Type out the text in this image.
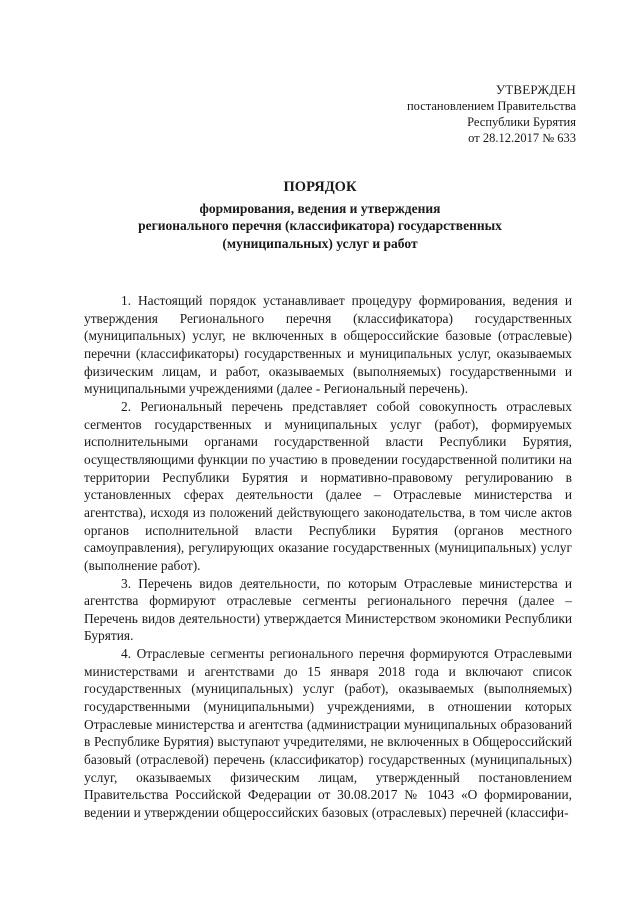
УТВЕРЖДЕН
постановлением Правительства
Республики Бурятия
от 28.12.2017 № 633
ПОРЯДОК
формирования, ведения и утверждения
регионального перечня (классификатора) государственных
(муниципальных) услуг и работ

1. Настоящий порядок устанавливает процедуру формирования, ведения и утверждения Регионального перечня (классификатора) государственных (муниципальных) услуг, не включенных в общероссийские базовые (отраслевые) перечни (классификаторы) государственных и муниципальных услуг, оказываемых физическим лицам, и работ, оказываемых (выполняемых) государственными и муниципальными учреждениями (далее - Региональный перечень).

2. Региональный перечень представляет собой совокупность отраслевых сегментов государственных и муниципальных услуг (работ), формируемых исполнительными органами государственной власти Республики Бурятия, осуществляющими функции по участию в проведении государственной политики на территории Республики Бурятия и нормативно-правовому регулированию в установленных сферах деятельности (далее – Отраслевые министерства и агентства), исходя из положений действующего законодательства, в том числе актов органов исполнительной власти Республики Бурятия (органов местного самоуправления), регулирующих оказание государственных (муниципальных) услуг (выполнение работ).

3. Перечень видов деятельности, по которым Отраслевые министерства и агентства формируют отраслевые сегменты регионального перечня (далее – Перечень видов деятельности) утверждается Министерством экономики Республики Бурятия.

4. Отраслевые сегменты регионального перечня формируются Отраслевыми министерствами и агентствами до 15 января 2018 года и включают список государственных (муниципальных) услуг (работ), оказываемых (выполняемых) государственными (муниципальными) учреждениями, в отношении которых Отраслевые министерства и агентства (администрации муниципальных образований в Республике Бурятия) выступают учредителями, не включенных в Общероссийский базовый (отраслевой) перечень (классификатор) государственных (муниципальных) услуг, оказываемых физическим лицам, утвержденный постановлением Правительства Российской Федерации от 30.08.2017 № 1043 «О формировании, ведении и утверждении общероссийских базовых (отраслевых) перечней (классифи-
